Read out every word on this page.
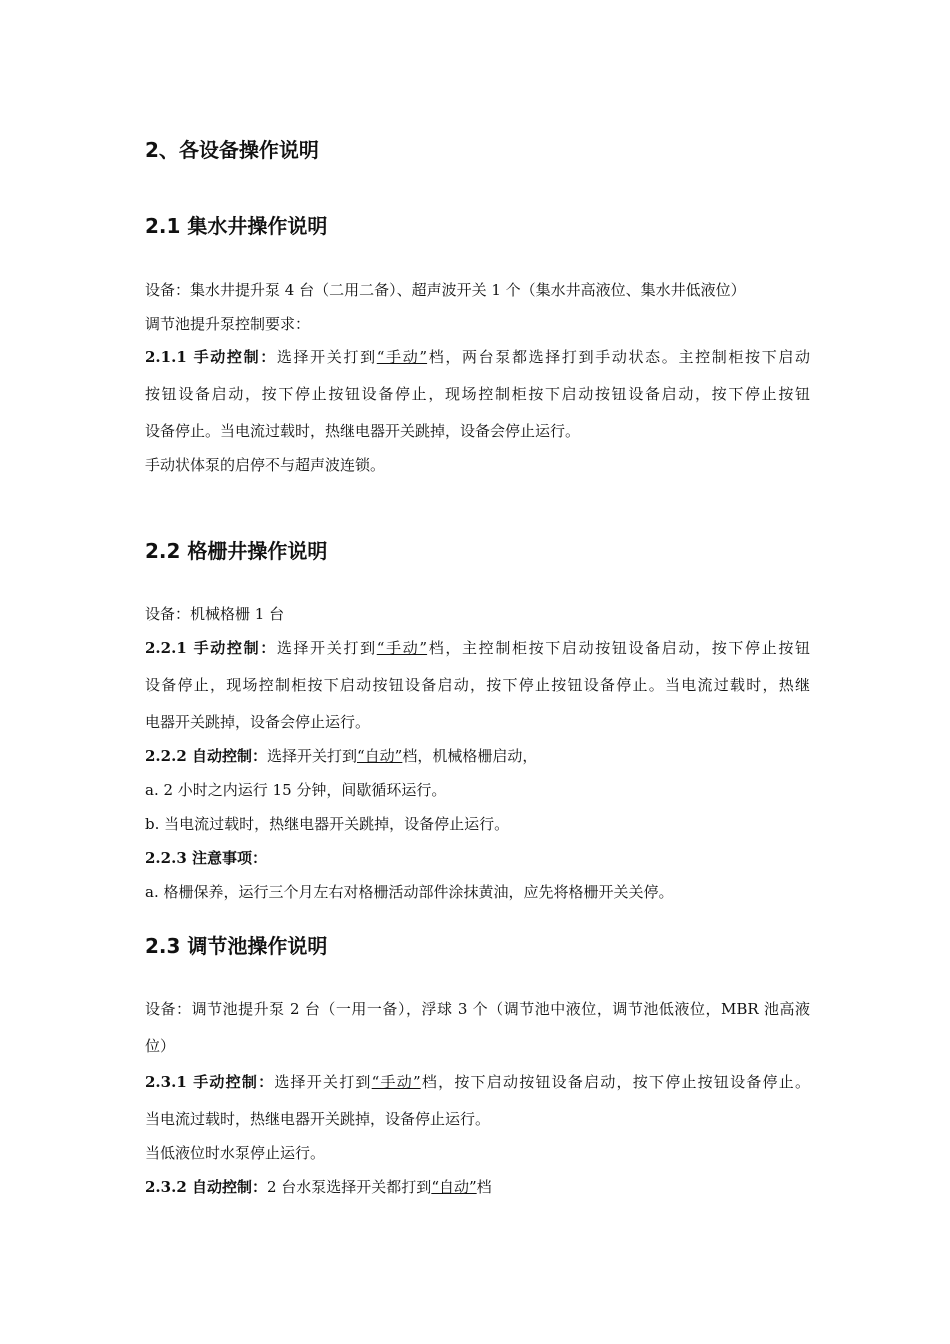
2、各设备操作说明
2.1 集水井操作说明
设备：集水井提升泵 4 台（二用二备）、超声波开关 1 个（集水井高液位、集水井低液位）
调节池提升泵控制要求：
2.1.1 手动控制：选择开关打到“手动”档，两台泵都选择打到手动状态。主控制柜按下启动
按钮设备启动，按下停止按钮设备停止，现场控制柜按下启动按钮设备启动，按下停止按钮
设备停止。当电流过载时，热继电器开关跳掉，设备会停止运行。
手动状体泵的启停不与超声波连锁。
2.2 格栅井操作说明
设备：机械格栅 1 台
2.2.1 手动控制：选择开关打到“手动”档，主控制柜按下启动按钮设备启动，按下停止按钮
设备停止，现场控制柜按下启动按钮设备启动，按下停止按钮设备停止。当电流过载时，热继
电器开关跳掉，设备会停止运行。
2.2.2 自动控制：选择开关打到“自动”档，机械格栅启动，
a. 2 小时之内运行 15 分钟，间歇循环运行。
b. 当电流过载时，热继电器开关跳掉，设备停止运行。
2.2.3 注意事项：
a. 格栅保养，运行三个月左右对格栅活动部件涂抹黄油，应先将格栅开关关停。
2.3 调节池操作说明
设备：调节池提升泵 2 台（一用一备），浮球 3 个（调节池中液位，调节池低液位，MBR 池高液
位）
2.3.1 手动控制：选择开关打到“手动”档，按下启动按钮设备启动，按下停止按钮设备停止。
当电流过载时，热继电器开关跳掉，设备停止运行。
当低液位时水泵停止运行。
2.3.2 自动控制：2 台水泵选择开关都打到“自动”档
